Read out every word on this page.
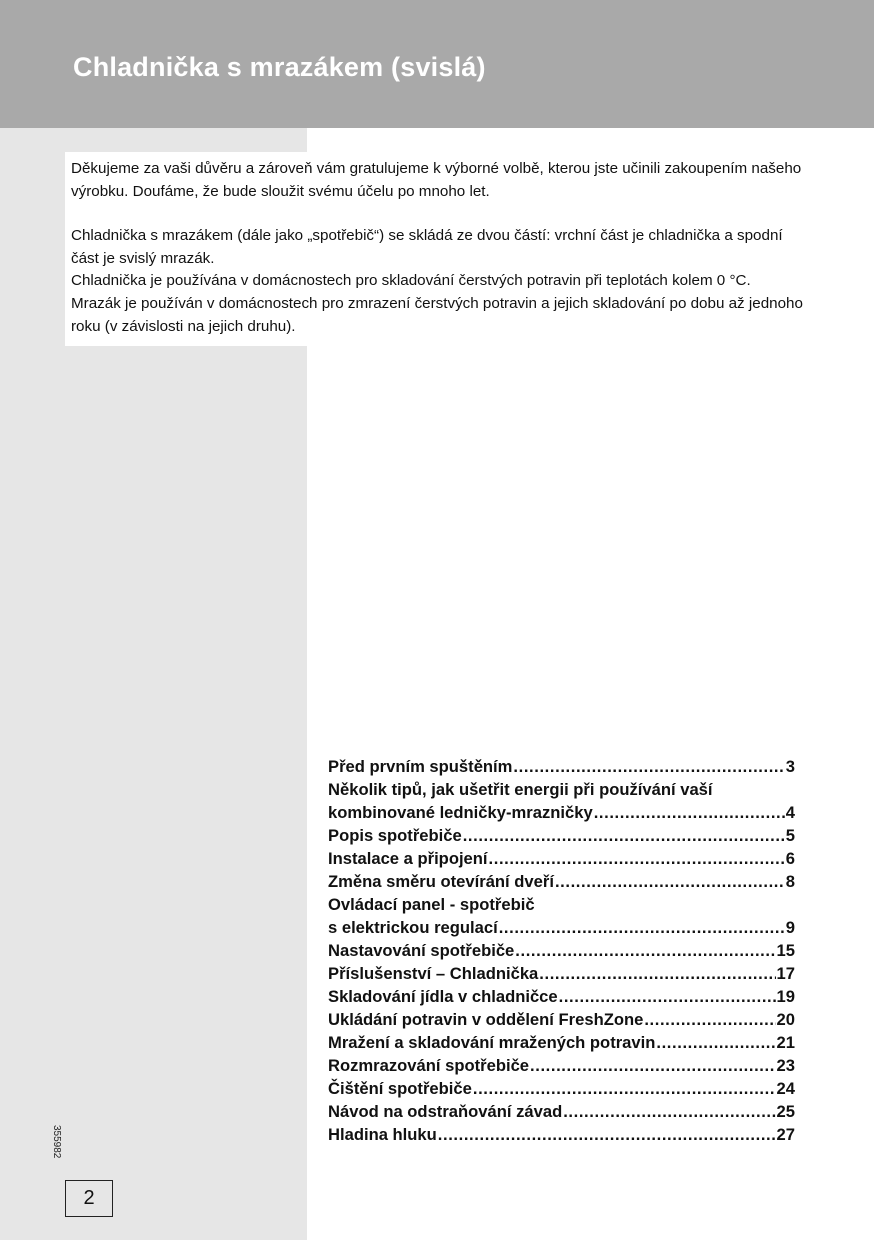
Chladnička s mrazákem (svislá)

Děkujeme za vaši důvěru a zároveň vám gratulujeme k výborné volbě, kterou jste učinili zakoupením našeho výrobku. Doufáme, že bude sloužit svému účelu po mnoho let.

Chladnička s mrazákem (dále jako „spotřebič“) se skládá ze dvou částí: vrchní část je chladnička a spodní část je svislý mrazák.

Chladnička je používána v domácnostech pro skladování čerstvých potravin při teplotách kolem 0 °C.

Mrazák je používán v domácnostech pro zmrazení čerstvých potravin a jejich skladování po dobu až jednoho roku (v závislosti na jejich druhu).

Před prvním spuštěním .....	3
Několik tipů, jak ušetřit energii při používání vaší
kombinované ledničky-mrazničky .....	4
Popis spotřebiče .....	5
Instalace a připojení .....	6
Změna směru otevírání dveří .....	8
Ovládací panel - spotřebič
s elektrickou regulací .....	9
Nastavování spotřebiče .....	15
Příslušenství – Chladnička .....	17
Skladování jídla v chladničce .....	19
Ukládání potravin v oddělení FreshZone .....	20
Mražení a skladování mražených potravin .....	21
Rozmrazování spotřebiče .....	23
Čištění spotřebiče .....	24
Návod na odstraňování závad .....	25
Hladina hluku .....	27
355982
2
